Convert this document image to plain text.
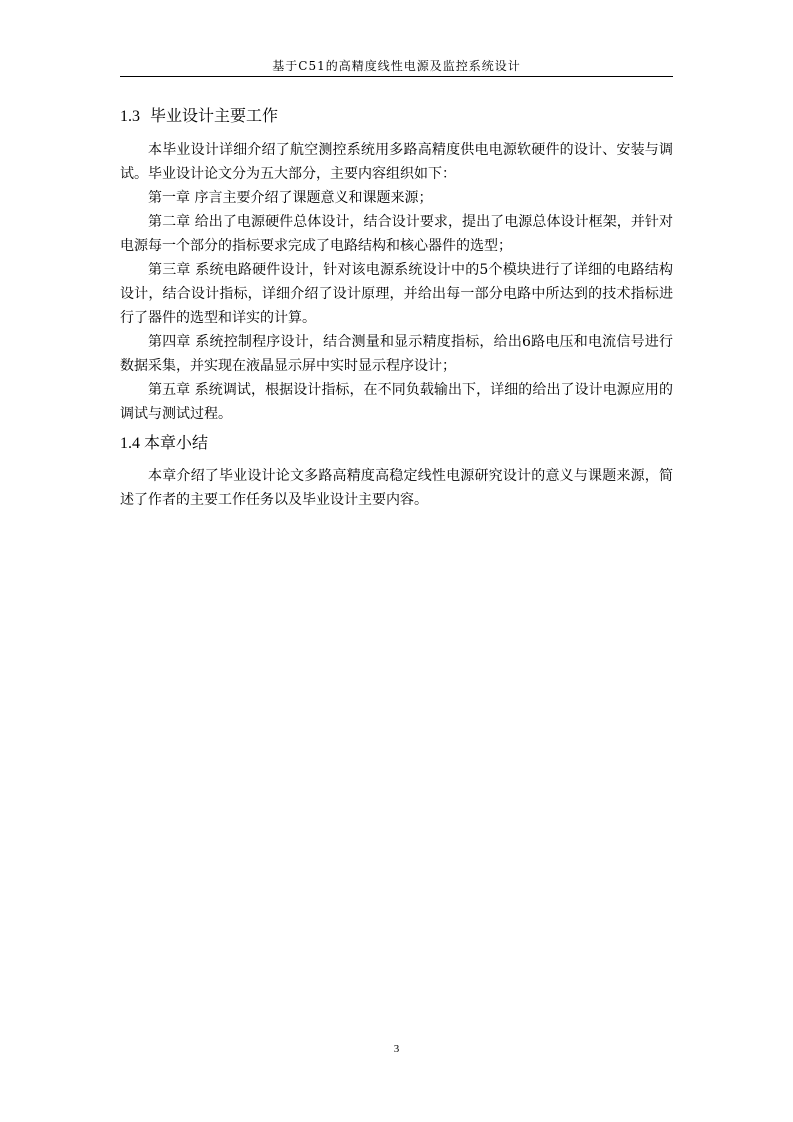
基于C51的高精度线性电源及监控系统设计
1.3 毕业设计主要工作

本毕业设计详细介绍了航空测控系统用多路高精度供电电源软硬件的设计、安装与调试。毕业设计论文分为五大部分，主要内容组织如下：

第一章 序言主要介绍了课题意义和课题来源；

第二章 给出了电源硬件总体设计，结合设计要求，提出了电源总体设计框架，并针对电源每一个部分的指标要求完成了电路结构和核心器件的选型；

第三章 系统电路硬件设计，针对该电源系统设计中的5个模块进行了详细的电路结构设计，结合设计指标，详细介绍了设计原理，并给出每一部分电路中所达到的技术指标进行了器件的选型和详实的计算。

第四章 系统控制程序设计，结合测量和显示精度指标，给出6路电压和电流信号进行数据采集，并实现在液晶显示屏中实时显示程序设计；

第五章 系统调试，根据设计指标，在不同负载输出下，详细的给出了设计电源应用的调试与测试过程。

1.4 本章小结

本章介绍了毕业设计论文多路高精度高稳定线性电源研究设计的意义与课题来源，简述了作者的主要工作任务以及毕业设计主要内容。

3
